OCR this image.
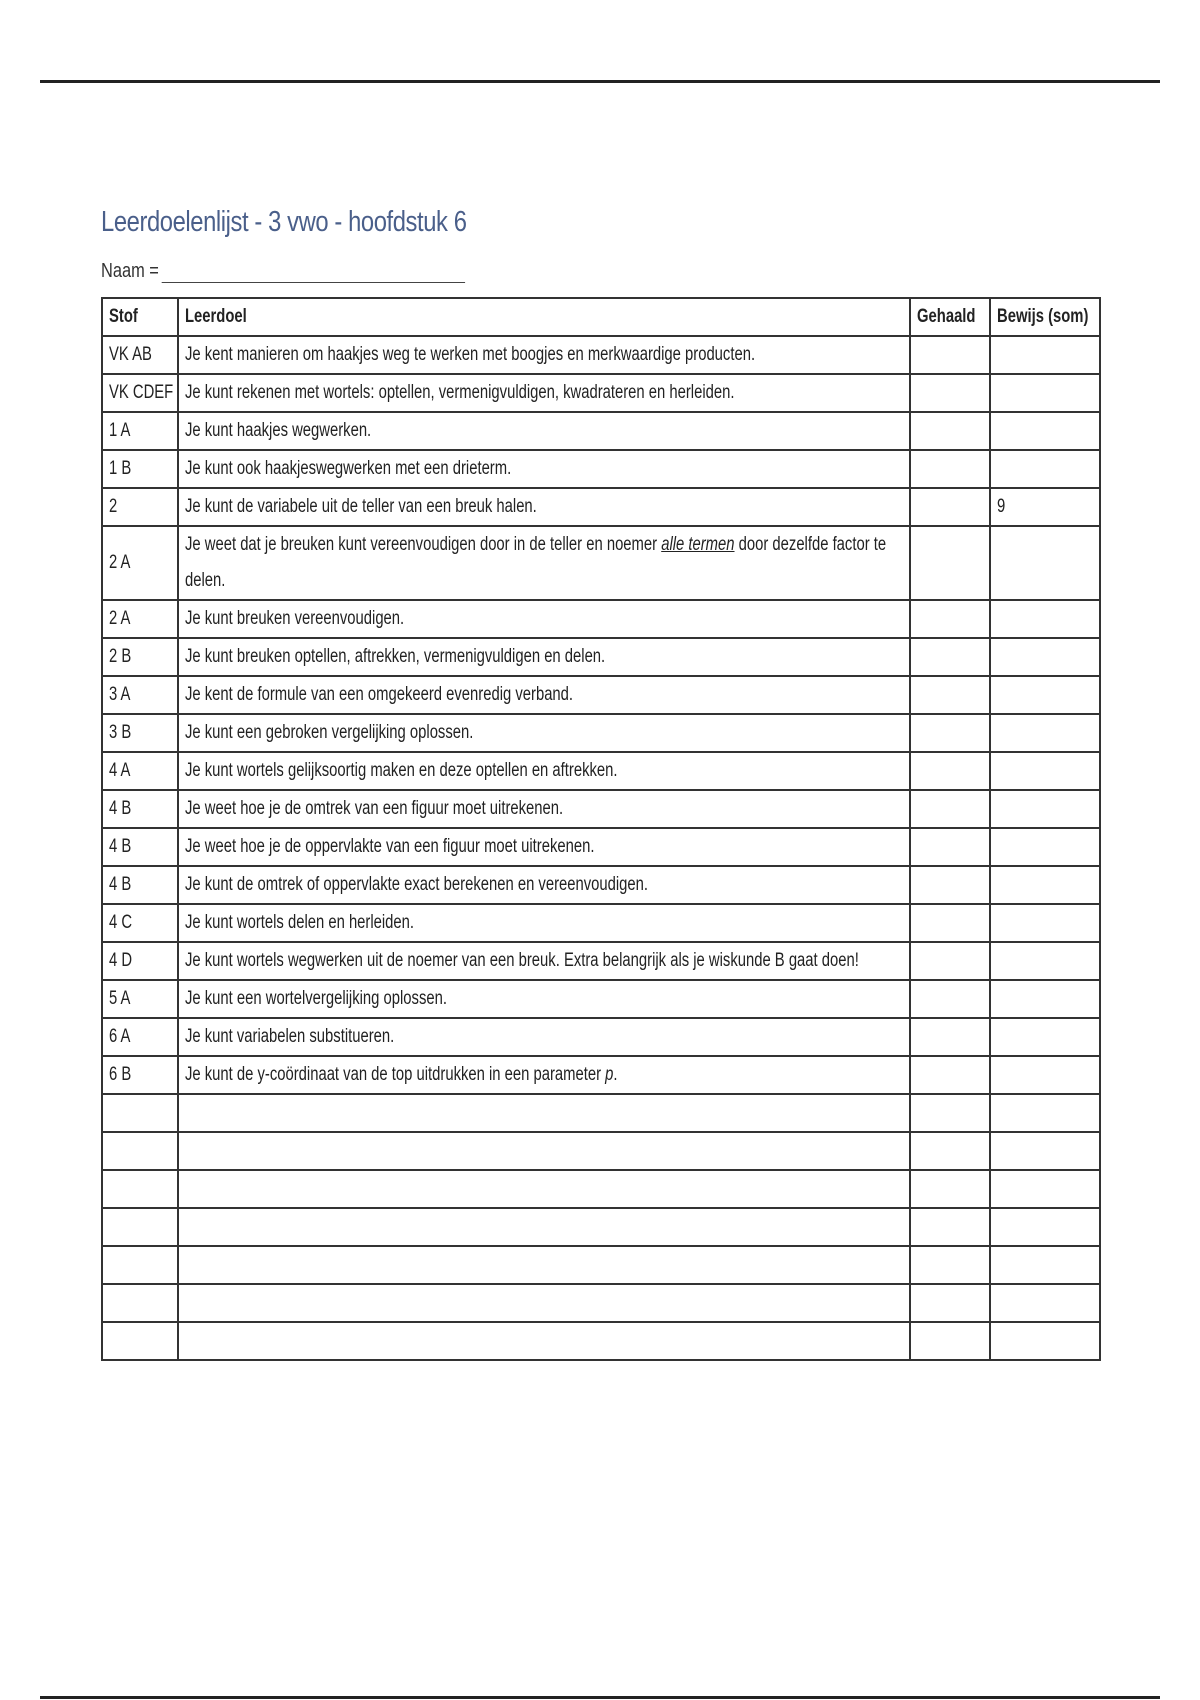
Leerdoelenlijst - 3 vwo - hoofdstuk 6
Naam =
Stof	Leerdoel	Gehaald	Bewijs (som)
VK AB	Je kent manieren om haakjes weg te werken met boogjes en merkwaardige producten.		
VK CDEF	Je kunt rekenen met wortels: optellen, vermenigvuldigen, kwadrateren en herleiden.		
1 A	Je kunt haakjes wegwerken.		
1 B	Je kunt ook haakjeswegwerken met een drieterm.		
2	Je kunt de variabele uit de teller van een breuk halen.		9
2 A	Je weet dat je breuken kunt vereenvoudigen door in de teller en noemer alle termen door dezelfde factor te delen.		
2 A	Je kunt breuken vereenvoudigen.		
2 B	Je kunt breuken optellen, aftrekken, vermenigvuldigen en delen.		
3 A	Je kent de formule van een omgekeerd evenredig verband.		
3 B	Je kunt een gebroken vergelijking oplossen.		
4 A	Je kunt wortels gelijksoortig maken en deze optellen en aftrekken.		
4 B	Je weet hoe je de omtrek van een figuur moet uitrekenen.		
4 B	Je weet hoe je de oppervlakte van een figuur moet uitrekenen.		
4 B	Je kunt de omtrek of oppervlakte exact berekenen en vereenvoudigen.		
4 C	Je kunt wortels delen en herleiden.		
4 D	Je kunt wortels wegwerken uit de noemer van een breuk. Extra belangrijk als je wiskunde B gaat doen!		
5 A	Je kunt een wortelvergelijking oplossen.		
6 A	Je kunt variabelen substitueren.		
6 B	Je kunt de y-coördinaat van de top uitdrukken in een parameter p.		
